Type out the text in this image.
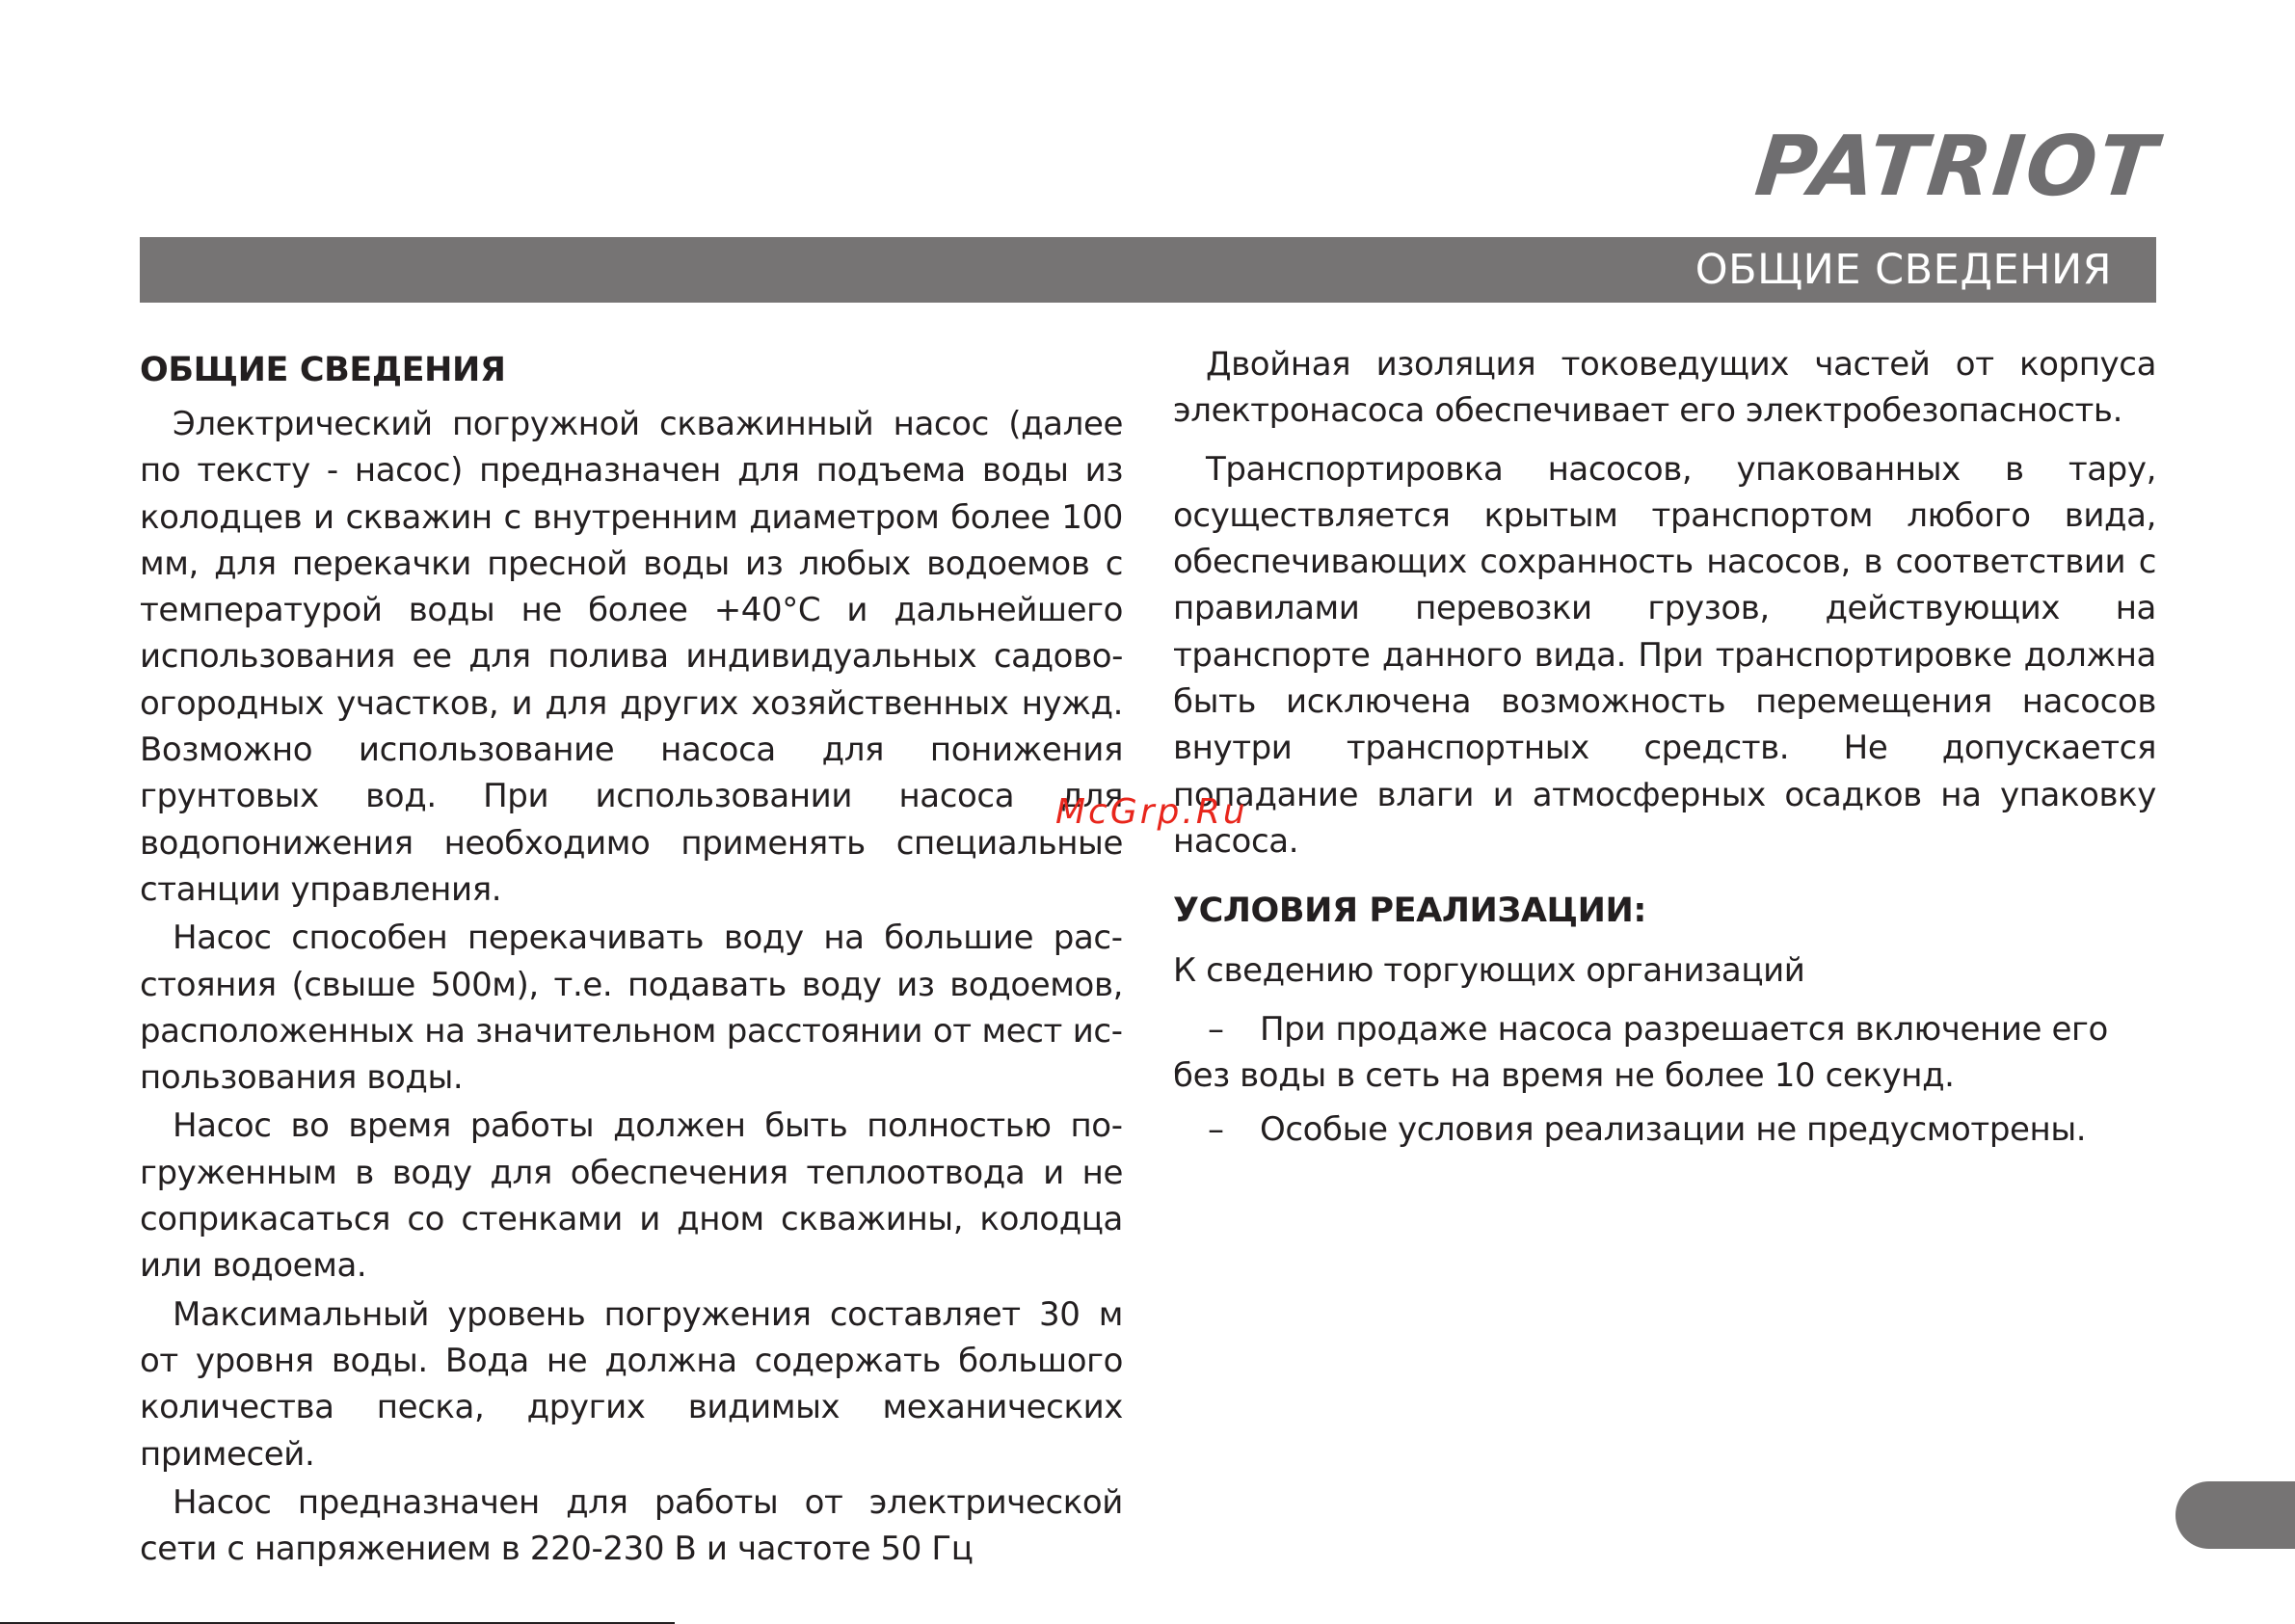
PATRIOT
ОБЩИЕ СВЕДЕНИЯ
ОБЩИЕ СВЕДЕНИЯ

Электрический погружной скважинный насос (далее по тексту - насос) предназначен для подъема воды из колодцев и скважин с внутренним диаметром более 100 мм, для перекачки пресной воды из любых водоемов с температурой воды не более +40°С и дальнейшего использования ее для полива индивидуальных садово-огородных участков, и для других хозяйственных нужд. Возможно использование насоса для понижения грунтовых вод. При использовании насоса для водопонижения необходимо применять специальные станции управления.

Насос способен перекачивать воду на большие расстояния (свыше 500м), т.е. подавать воду из водоемов, расположенных на значительном расстоянии от мест использования воды.

Насос во время работы должен быть полностью погруженным в воду для обеспечения теплоотвода и не соприкасаться со стенками и дном скважины, колодца или водоема.

Максимальный уровень погружения составляет 30 м от уровня воды. Вода не должна содержать большого количества песка, других видимых механических примесей.

Насос предназначен для работы от электрической сети с напряжением в 220-230 В и частоте 50 Гц

Двойная изоляция токоведущих частей от корпуса электронасоса обеспечивает его электробезопасность.

Транспортировка насосов, упакованных в тару, осуществляется крытым транспортом любого вида, обеспечивающих сохранность насосов, в соответствии с правилами перевозки грузов, действующих на транспорте данного вида. При транспортировке должна быть исключена возможность перемещения насосов внутри транспортных средств. Не допускается попадание влаги и атмосферных осадков на упаковку насоса.

УСЛОВИЯ РЕАЛИЗАЦИИ:

К сведению торгующих организаций

– При продаже насоса разрешается включение его без воды в сеть на время не более 10 секунд.

– Особые условия реализации не предусмотрены.

McGrp.Ru
